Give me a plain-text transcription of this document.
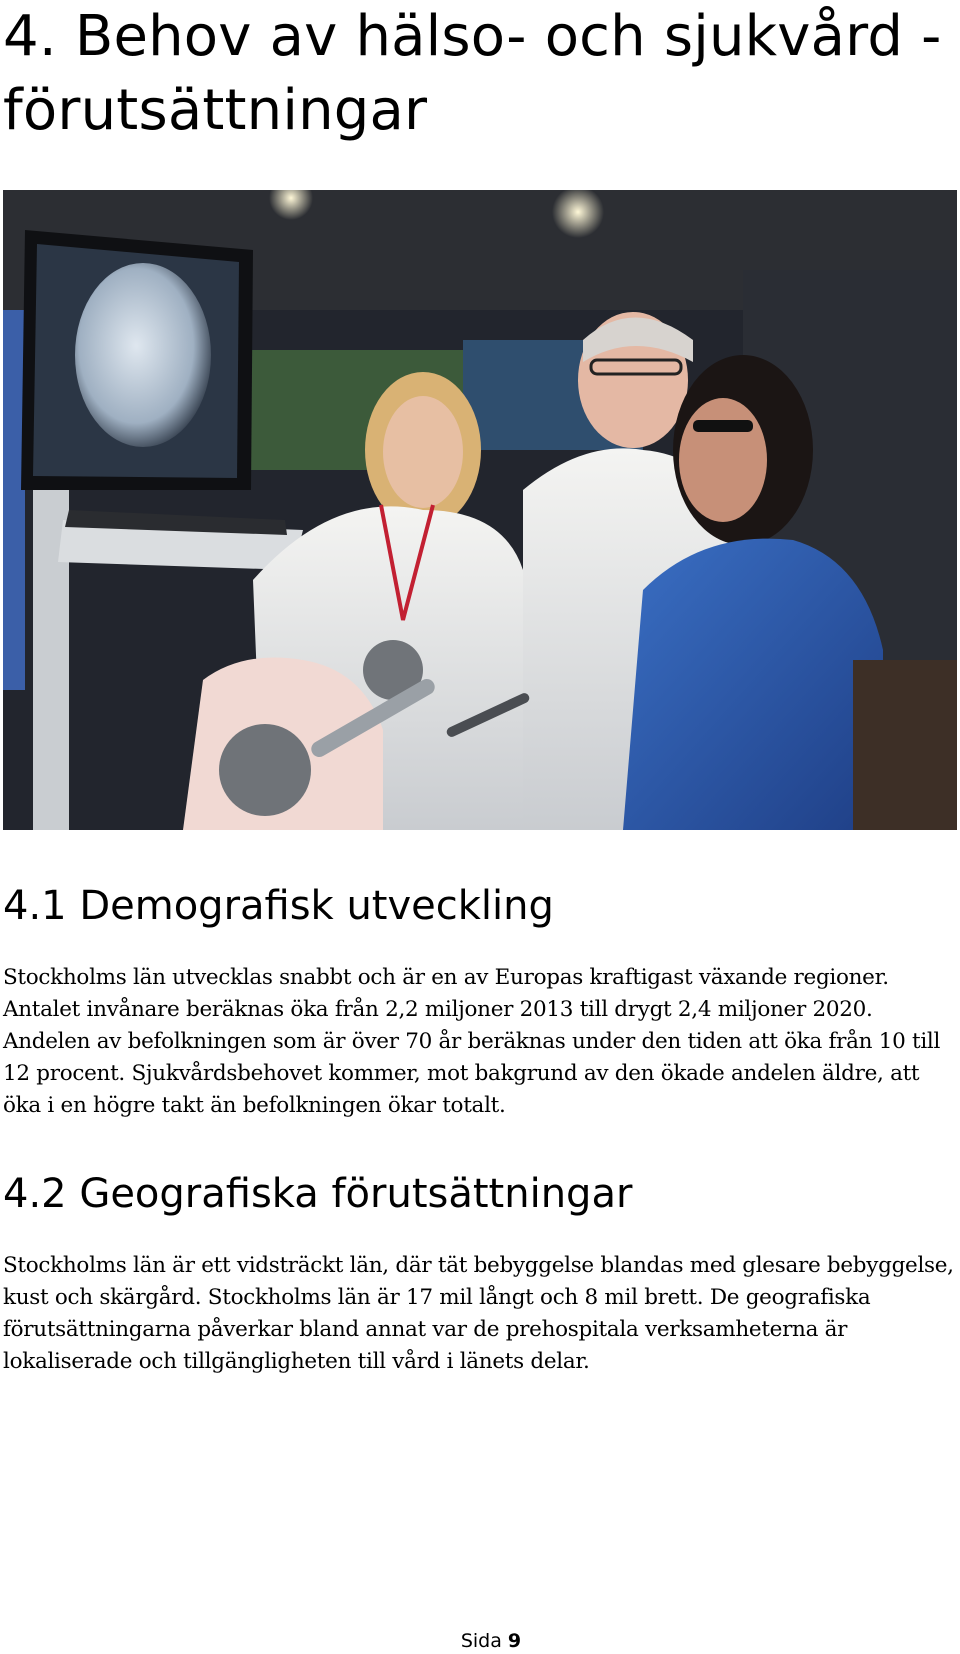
4. Behov av hälso- och sjukvård - förutsättningar
4.1 Demografisk utveckling

Stockholms län utvecklas snabbt och är en av Europas kraftigast växande regioner. Antalet invånare beräknas öka från 2,2 miljoner 2013 till drygt 2,4 miljoner 2020. Andelen av befolkningen som är över 70 år beräknas under den tiden att öka från 10 till 12 procent. Sjukvårdsbehovet kommer, mot bakgrund av den ökade andelen äldre, att öka i en högre takt än befolkningen ökar totalt.

4.2 Geografiska förutsättningar

Stockholms län är ett vidsträckt län, där tät bebyggelse blandas med glesare bebyggelse, kust och skärgård. Stockholms län är 17 mil långt och 8 mil brett. De geografiska förutsättningarna påverkar bland annat var de prehospitala verksamheterna är lokaliserade och tillgängligheten till vård i länets delar.

Sida 9
